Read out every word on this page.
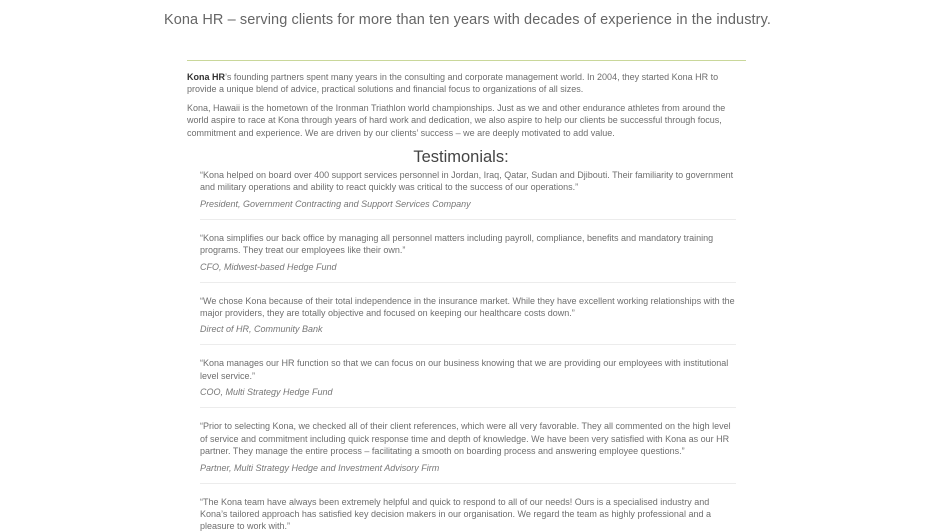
Kona HR – serving clients for more than ten years with decades of experience in the industry.

Kona HR’s founding partners spent many years in the consulting and corporate management world. In 2004, they started Kona HR to provide a unique blend of advice, practical solutions and financial focus to organizations of all sizes.

Kona, Hawaii is the hometown of the Ironman Triathlon world championships. Just as we and other endurance athletes from around the world aspire to race at Kona through years of hard work and dedication, we also aspire to help our clients be successful through focus, commitment and experience. We are driven by our clients’ success – we are deeply motivated to add value.

Testimonials:

“Kona helped on board over 400 support services personnel in Jordan, Iraq, Qatar, Sudan and Djibouti. Their familiarity to government and military operations and ability to react quickly was critical to the success of our operations.”

President, Government Contracting and Support Services Company

“Kona simplifies our back office by managing all personnel matters including payroll, compliance, benefits and mandatory training programs. They treat our employees like their own.”

CFO, Midwest-based Hedge Fund

“We chose Kona because of their total independence in the insurance market. While they have excellent working relationships with the major providers, they are totally objective and focused on keeping our healthcare costs down.”

Direct of HR, Community Bank

“Kona manages our HR function so that we can focus on our business knowing that we are providing our employees with institutional level service.”

COO, Multi Strategy Hedge Fund

“Prior to selecting Kona, we checked all of their client references, which were all very favorable. They all commented on the high level of service and commitment including quick response time and depth of knowledge. We have been very satisfied with Kona as our HR partner. They manage the entire process – facilitating a smooth on boarding process and answering employee questions.”

Partner, Multi Strategy Hedge and Investment Advisory Firm

“The Kona team have always been extremely helpful and quick to respond to all of our needs! Ours is a specialised industry and Kona’s tailored approach has satisfied key decision makers in our organisation. We regard the team as highly professional and a pleasure to work with.”
